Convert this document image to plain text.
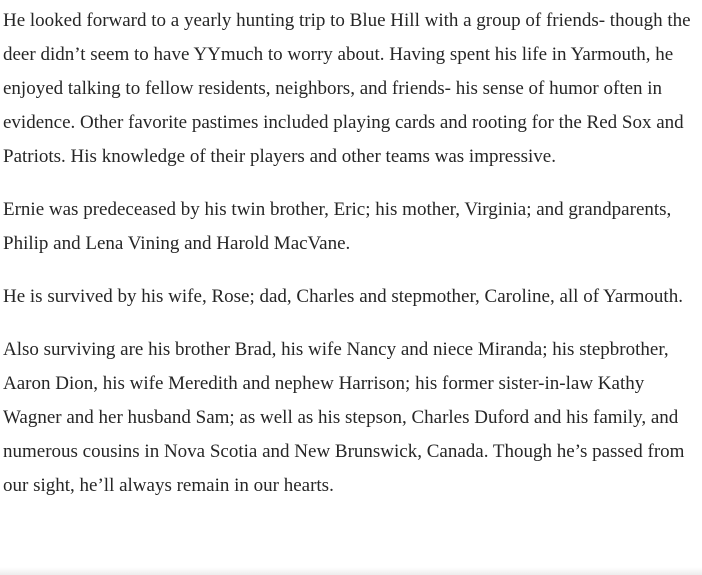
He looked forward to a yearly hunting trip to Blue Hill with a group of friends- though the deer didn’t seem to have YYmuch to worry about. Having spent his life in Yarmouth, he enjoyed talking to fellow residents, neighbors, and friends- his sense of humor often in evidence. Other favorite pastimes included playing cards and rooting for the Red Sox and Patriots. His knowledge of their players and other teams was impressive.

Ernie was predeceased by his twin brother, Eric; his mother, Virginia; and grandparents, Philip and Lena Vining and Harold MacVane.

He is survived by his wife, Rose; dad, Charles and stepmother, Caroline, all of Yarmouth.

Also surviving are his brother Brad, his wife Nancy and niece Miranda; his stepbrother, Aaron Dion, his wife Meredith and nephew Harrison; his former sister-in-law Kathy Wagner and her husband Sam; as well as his stepson, Charles Duford and his family, and numerous cousins in Nova Scotia and New Brunswick, Canada. Though he’s passed from our sight, he’ll always remain in our hearts.
